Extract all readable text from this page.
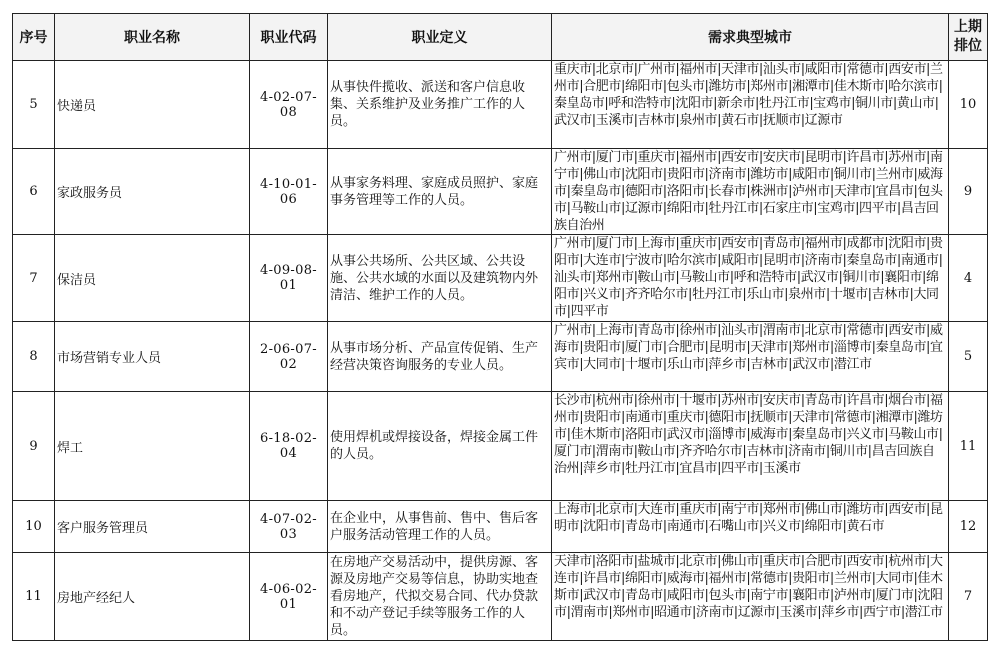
序号	职业名称	职业代码	职业定义	需求典型城市	上期
排位
5	快递员	4-02-07-08	从事快件揽收、派送和客户信息收集、关系维护及业务推广工作的人员。	重庆市|北京市|广州市|福州市|天津市|汕头市|咸阳市|常德市|西安市|兰州市|合肥市|绵阳市|包头市|潍坊市|郑州市|湘潭市|佳木斯市|哈尔滨市|秦皇岛市|呼和浩特市|沈阳市|新余市|牡丹江市|宝鸡市|铜川市|黄山市|武汉市|玉溪市|吉林市|泉州市|黄石市|抚顺市|辽源市	10
6	家政服务员	4-10-01-06	从事家务料理、家庭成员照护、家庭事务管理等工作的人员。	广州市|厦门市|重庆市|福州市|西安市|安庆市|昆明市|许昌市|苏州市|南宁市|佛山市|沈阳市|贵阳市|济南市|潍坊市|咸阳市|铜川市|兰州市|威海市|秦皇岛市|德阳市|洛阳市|长春市|株洲市|泸州市|天津市|宜昌市|包头市|马鞍山市|辽源市|绵阳市|牡丹江市|石家庄市|宝鸡市|四平市|昌吉回族自治州	9
7	保洁员	4-09-08-01	从事公共场所、公共区域、公共设施、公共水域的水面以及建筑物内外清洁、维护工作的人员。	广州市|厦门市|上海市|重庆市|西安市|青岛市|福州市|成都市|沈阳市|贵阳市|大连市|宁波市|哈尔滨市|咸阳市|昆明市|济南市|秦皇岛市|南通市|汕头市|郑州市|鞍山市|马鞍山市|呼和浩特市|武汉市|铜川市|襄阳市|绵阳市|兴义市|齐齐哈尔市|牡丹江市|乐山市|泉州市|十堰市|吉林市|大同市|四平市	4
8	市场营销专业人员	2-06-07-02	从事市场分析、产品宣传促销、生产经营决策咨询服务的专业人员。	广州市|上海市|青岛市|徐州市|汕头市|渭南市|北京市|常德市|西安市|威海市|贵阳市|厦门市|合肥市|昆明市|天津市|郑州市|淄博市|秦皇岛市|宜宾市|大同市|十堰市|乐山市|萍乡市|吉林市|武汉市|潜江市	5
9	焊工	6-18-02-04	使用焊机或焊接设备，焊接金属工件的人员。	长沙市|杭州市|徐州市|十堰市|苏州市|安庆市|青岛市|许昌市|烟台市|福州市|贵阳市|南通市|重庆市|德阳市|抚顺市|天津市|常德市|湘潭市|潍坊市|佳木斯市|洛阳市|武汉市|淄博市|威海市|秦皇岛市|兴义市|马鞍山市|厦门市|渭南市|鞍山市|齐齐哈尔市|吉林市|济南市|铜川市|昌吉回族自治州|萍乡市|牡丹江市|宜昌市|四平市|玉溪市	11
10	客户服务管理员	4-07-02-03	在企业中，从事售前、售中、售后客户服务活动管理工作的人员。	上海市|北京市|大连市|重庆市|南宁市|郑州市|佛山市|潍坊市|西安市|昆明市|沈阳市|青岛市|南通市|石嘴山市|兴义市|绵阳市|黄石市	12
11	房地产经纪人	4-06-02-01	在房地产交易活动中，提供房源、客源及房地产交易等信息，协助实地查看房地产，代拟交易合同、代办贷款和不动产登记手续等服务工作的人员。	天津市|洛阳市|盐城市|北京市|佛山市|重庆市|合肥市|西安市|杭州市|大连市|许昌市|绵阳市|威海市|福州市|常德市|贵阳市|兰州市|大同市|佳木斯市|武汉市|青岛市|咸阳市|包头市|南宁市|襄阳市|泸州市|厦门市|沈阳市|渭南市|郑州市|昭通市|济南市|辽源市|玉溪市|萍乡市|西宁市|潜江市	7
